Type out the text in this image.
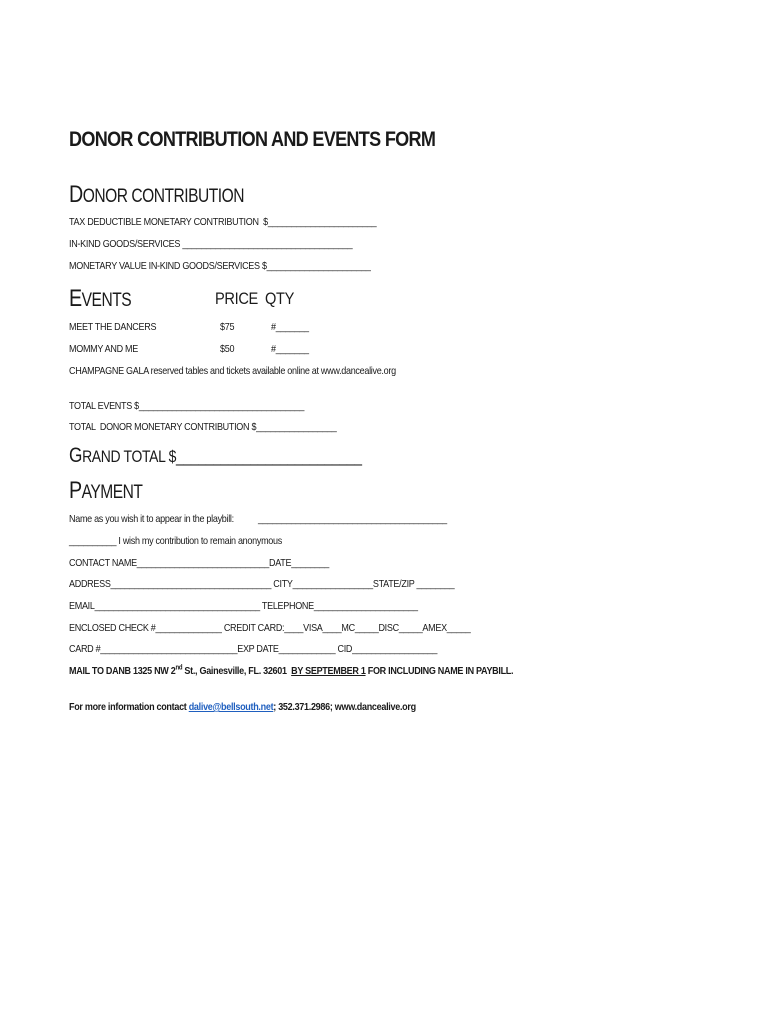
DONOR CONTRIBUTION AND EVENTS FORM
DONOR CONTRIBUTION
TAX DEDUCTIBLE MONETARY CONTRIBUTION  $_______________________
IN-KIND GOODS/SERVICES ____________________________________
MONETARY VALUE IN-KIND GOODS/SERVICES $______________________
EVENTS	PRICE QTY
MEET THE DANCERS	$75	#_______
MOMMY AND ME	$50	#_______
CHAMPAGNE GALA reserved tables and tickets available online at www.dancealive.org
TOTAL EVENTS $___________________________________
TOTAL  DONOR MONETARY CONTRIBUTION $_________________
GRAND TOTAL $_________________________
PAYMENT
Name as you wish it to appear in the playbill: ________________________________________
__________ I wish my contribution to remain anonymous
CONTACT NAME____________________________DATE________
ADDRESS__________________________________ CITY_________________STATE/ZIP ________
EMAIL___________________________________ TELEPHONE______________________
ENCLOSED CHECK #______________ CREDIT CARD:____VISA____MC_____DISC_____AMEX_____
CARD #_____________________________EXP DATE____________ CID__________________
MAIL TO DANB 1325 NW 2nd St., Gainesville, FL. 32601  BY SEPTEMBER 1 FOR INCLUDING NAME IN PAYBILL.
For more information contact dalive@bellsouth.net; 352.371.2986; www.dancealive.org
